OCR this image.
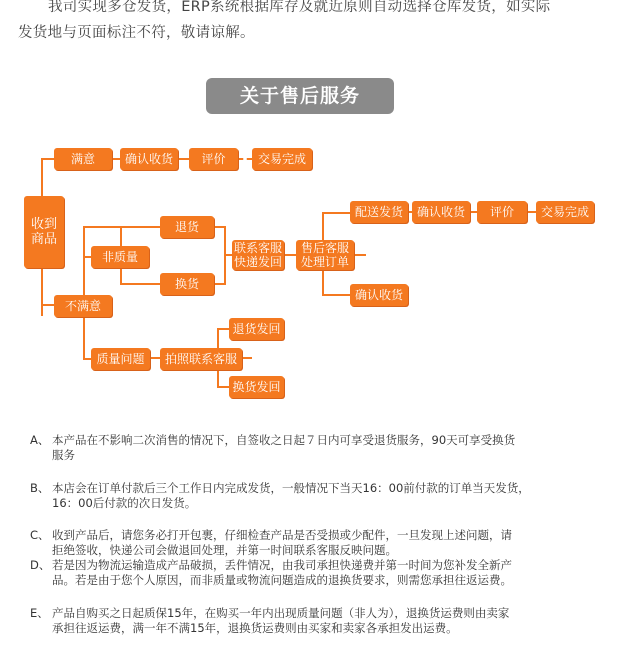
我司实现多仓发货，ERP系统根据库存及就近原则自动选择仓库发货，如实际
发货地与页面标注不符，敬请谅解。
关于售后服务
收到
商品
满意	确认收货	评价	交易完成
不满意
非质量
退货
换货
联系客服
快递发回
售后客服
处理订单
配送发货	确认收货	评价	交易完成
确认收货
质量问题	拍照联系客服
退货发回
换货发回
A、 本产品在不影响二次消售的情况下，自签收之日起７日内可享受退货服务，90天可享受换货
服务
B、 本店会在订单付款后三个工作日内完成发货，一般情况下当天16：00前付款的订单当天发货，
16：00后付款的次日发货。
C、 收到产品后，请您务必打开包裹，仔细检查产品是否受损或少配件，一旦发现上述问题，请
拒绝签收，快递公司会做退回处理，并第一时间联系客服反映问题。
D、 若是因为物流运输造成产品破损，丢件情况，由我司承担快递费并第一时间为您补发全新产
品。若是由于您个人原因，而非质量或物流问题造成的退换货要求，则需您承担往返运费。
E、 产品自购买之日起质保15年，在购买一年内出现质量问题（非人为），退换货运费则由卖家
承担往返运费，满一年不满15年，退换货运费则由买家和卖家各承担发出运费。
